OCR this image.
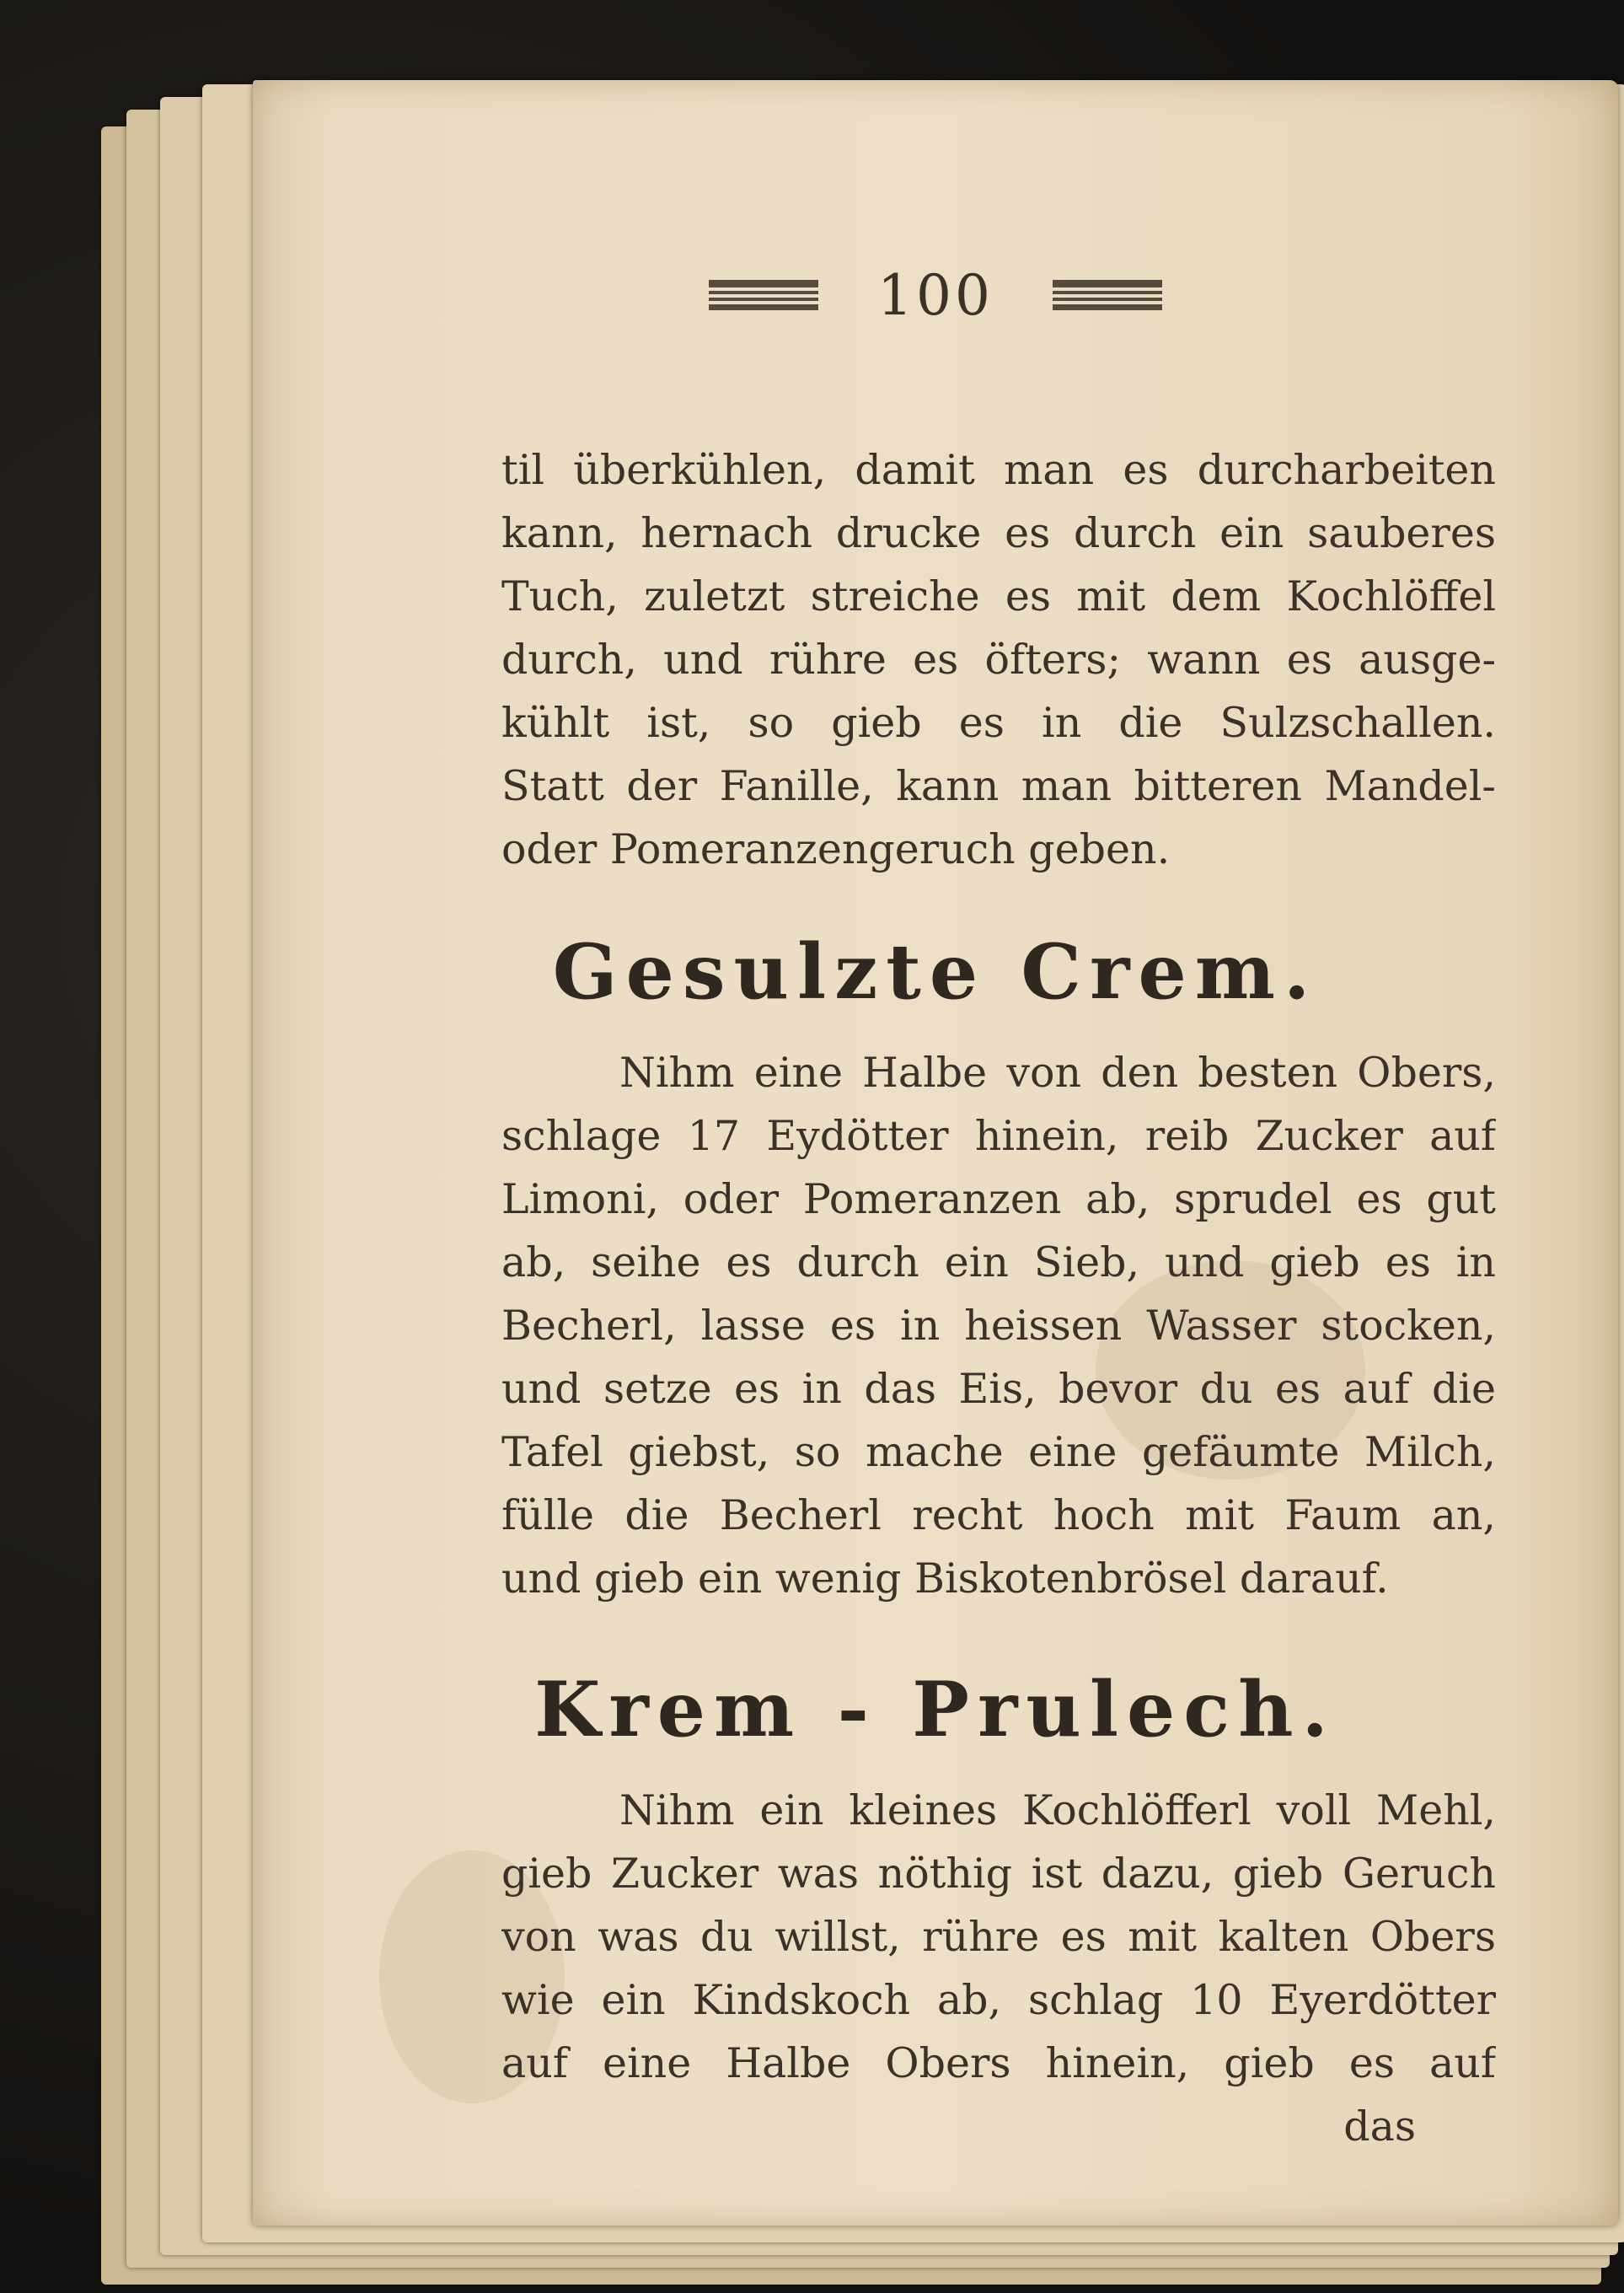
100
til überkühlen, damit man es durcharbeiten
kann, hernach drucke es durch ein sauberes
Tuch, zuletzt streiche es mit dem Kochlöffel
durch, und rühre es öfters; wann es ausge-
kühlt ist, so gieb es in die Sulzschallen.
Statt der Fanille, kann man bitteren Mandel-
oder Pomeranzengeruch geben.
Gesulzte Crem.
Nihm eine Halbe von den besten Obers,
schlage 17 Eydötter hinein, reib Zucker auf
Limoni, oder Pomeranzen ab, sprudel es gut
ab, seihe es durch ein Sieb, und gieb es in
Becherl, lasse es in heissen Wasser stocken,
und setze es in das Eis, bevor du es auf die
Tafel giebst, so mache eine gefäumte Milch,
fülle die Becherl recht hoch mit Faum an,
und gieb ein wenig Biskotenbrösel darauf.
Krem - Prulech.
Nihm ein kleines Kochlöfferl voll Mehl,
gieb Zucker was nöthig ist dazu, gieb Geruch
von was du willst, rühre es mit kalten Obers
wie ein Kindskoch ab, schlag 10 Eyerdötter
auf eine Halbe Obers hinein, gieb es auf
das
